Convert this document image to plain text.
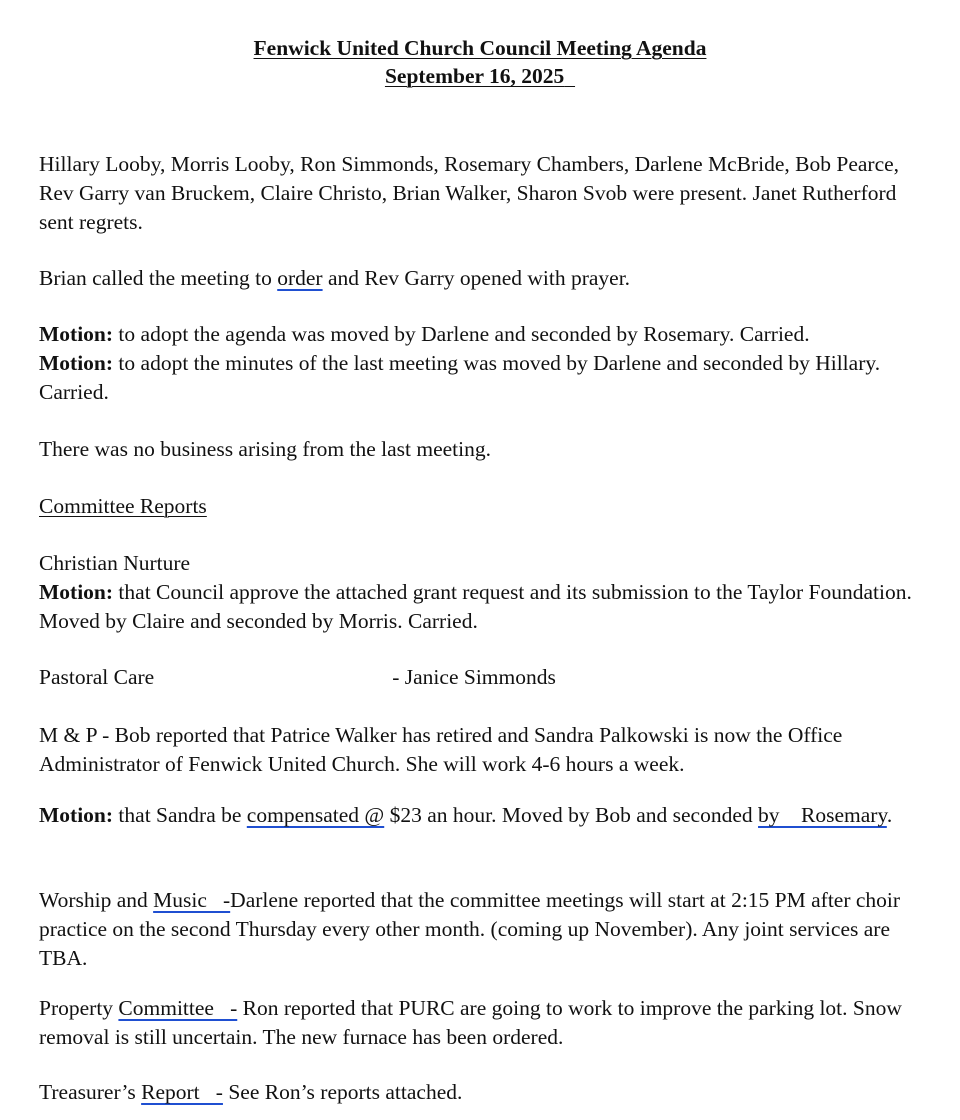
Fenwick United Church Council Meeting Agenda
September 16, 2025
Hillary Looby, Morris Looby, Ron Simmonds, Rosemary Chambers, Darlene McBride, Bob Pearce, Rev Garry van Bruckem, Claire Christo, Brian Walker, Sharon Svob were present. Janet Rutherford sent regrets.
Brian called the meeting to order and Rev Garry opened with prayer.
Motion: to adopt the agenda was moved by Darlene and seconded by Rosemary. Carried.
Motion: to adopt the minutes of the last meeting was moved by Darlene and seconded by Hillary. Carried.
There was no business arising from the last meeting.
Committee Reports
Christian Nurture
Motion: that Council approve the attached grant request and its submission to the Taylor Foundation. Moved by Claire and seconded by Morris. Carried.
Pastoral Care	- Janice Simmonds
M & P - Bob reported that Patrice Walker has retired and Sandra Palkowski is now the Office Administrator of Fenwick United Church. She will work 4-6 hours a week.
Motion: that Sandra be compensated @ $23 an hour. Moved by Bob and seconded by    Rosemary.
Worship and Music   -Darlene reported that the committee meetings will start at 2:15 PM after choir practice on the second Thursday every other month. (coming up November). Any joint services are TBA.
Property Committee   - Ron reported that PURC are going to work to improve the parking lot. Snow removal is still uncertain. The new furnace has been ordered.
Treasurer’s Report   - See Ron’s reports attached.
